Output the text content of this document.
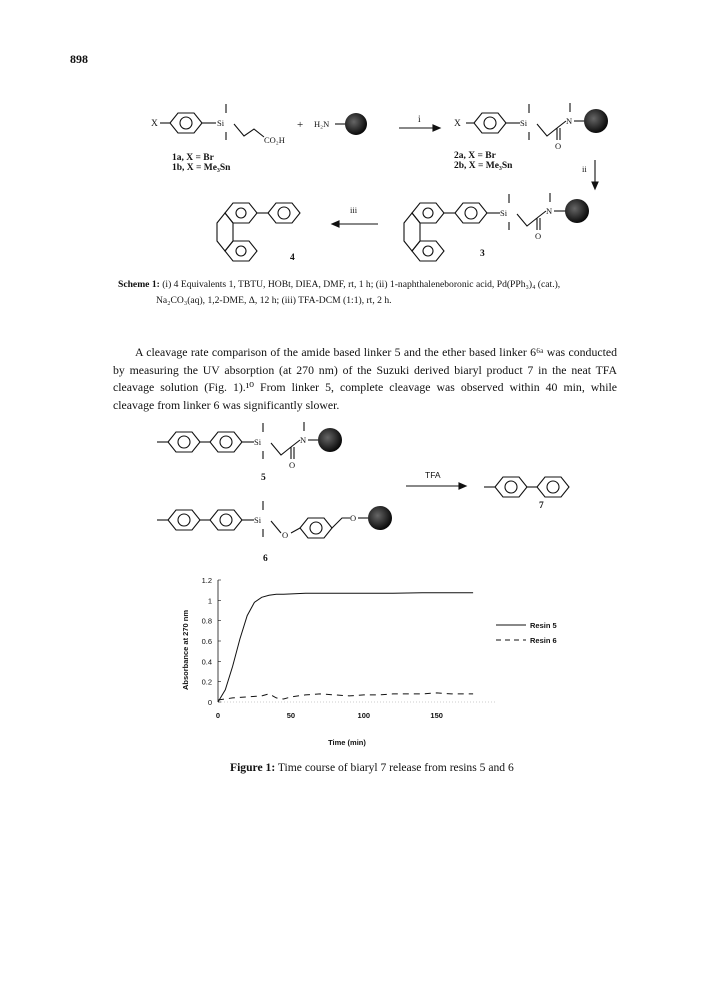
898
X	Si
CO₂H
+ H₂N	i	X	Si	N
O
ii
iii	Si	N
O
3
4
1a, X = Br
1b, X = Me₃Sn
2a, X = Br
2b, X = Me₃Sn
Scheme 1: (i) 4 Equivalents 1, TBTU, HOBt, DIEA, DMF, rt, 1 h; (ii) 1-naphthaleneboronic acid, Pd(PPh₃)₄ (cat.),
Na₂CO₃(aq), 1,2-DME, Δ, 12 h; (iii) TFA-DCM (1:1), rt, 2 h.

A cleavage rate comparison of the amide based linker 5 and the ether based linker 6⁶ᵃ was conducted by measuring the UV absorption (at 270 nm) of the Suzuki derived biaryl product 7 in the neat TFA cleavage solution (Fig. 1).¹⁰ From linker 5, complete cleavage was observed within 40 min, while cleavage from linker 6 was significantly slower.

Si	N
O
Si
O
O
5
6
7
TFA
0
0.2
0.4
0.6
0.8
1
1.2
0	50	100	150
Time (min)
Absorbance at 270 nm	Resin 5
Resin 6
Figure 1: Time course of biaryl 7 release from resins 5 and 6
